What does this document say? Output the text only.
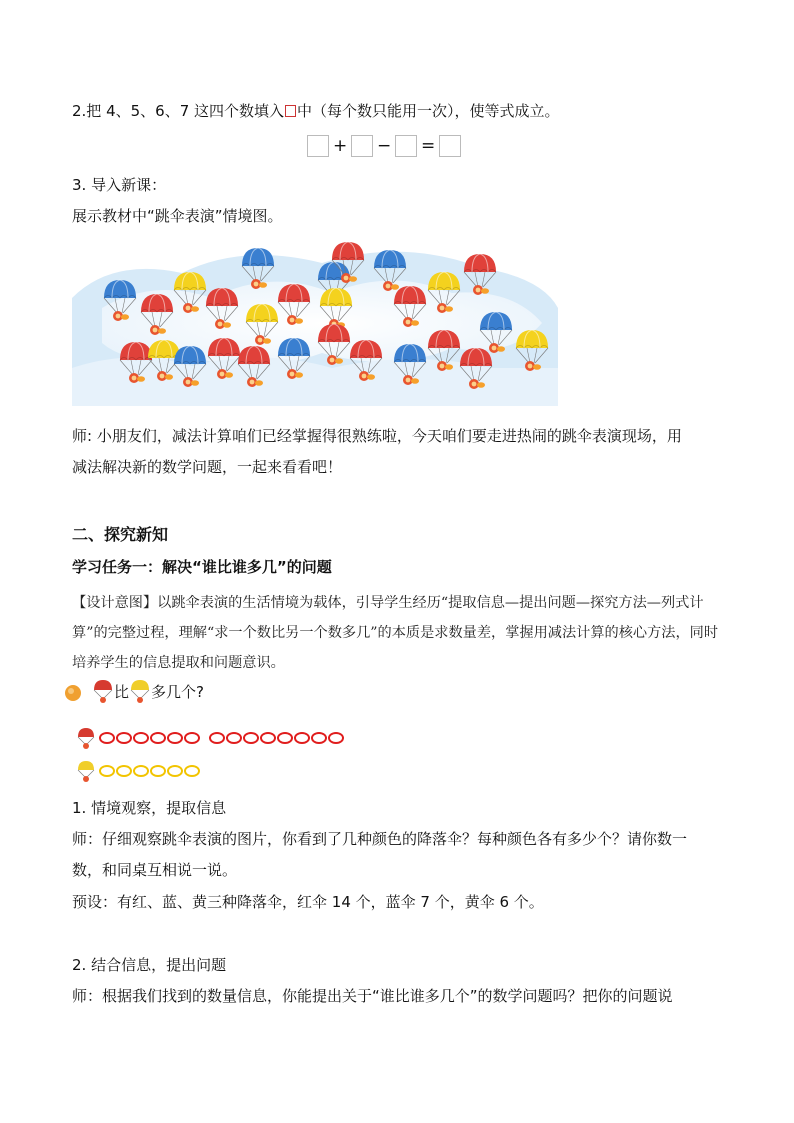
2.把 4、5、6、7 这四个数填入 中（每个数只能用一次），使等式成立。
+ − =
3. 导入新课：
展示教材中“跳伞表演”情境图。
师: 小朋友们，减法计算咱们已经掌握得很熟练啦，今天咱们要走进热闹的跳伞表演现场，用
减法解决新的数学问题，一起来看看吧！
二、探究新知
学习任务一：解决“谁比谁多几”的问题
【设计意图】以跳伞表演的生活情境为载体，引导学生经历“提取信息—提出问题—探究方法—列式计算”的完整过程，理解“求一个数比另一个数多几”的本质是求数量差，掌握用减法计算的核心方法，同时培养学生的信息提取和问题意识。
比 多几个?
1. 情境观察，提取信息
师：仔细观察跳伞表演的图片，你看到了几种颜色的降落伞？每种颜色各有多少个？请你数一
数，和同桌互相说一说。
预设：有红、蓝、黄三种降落伞，红伞 14 个，蓝伞 7 个，黄伞 6 个。
2. 结合信息，提出问题
师：根据我们找到的数量信息，你能提出关于“谁比谁多几个”的数学问题吗？把你的问题说
